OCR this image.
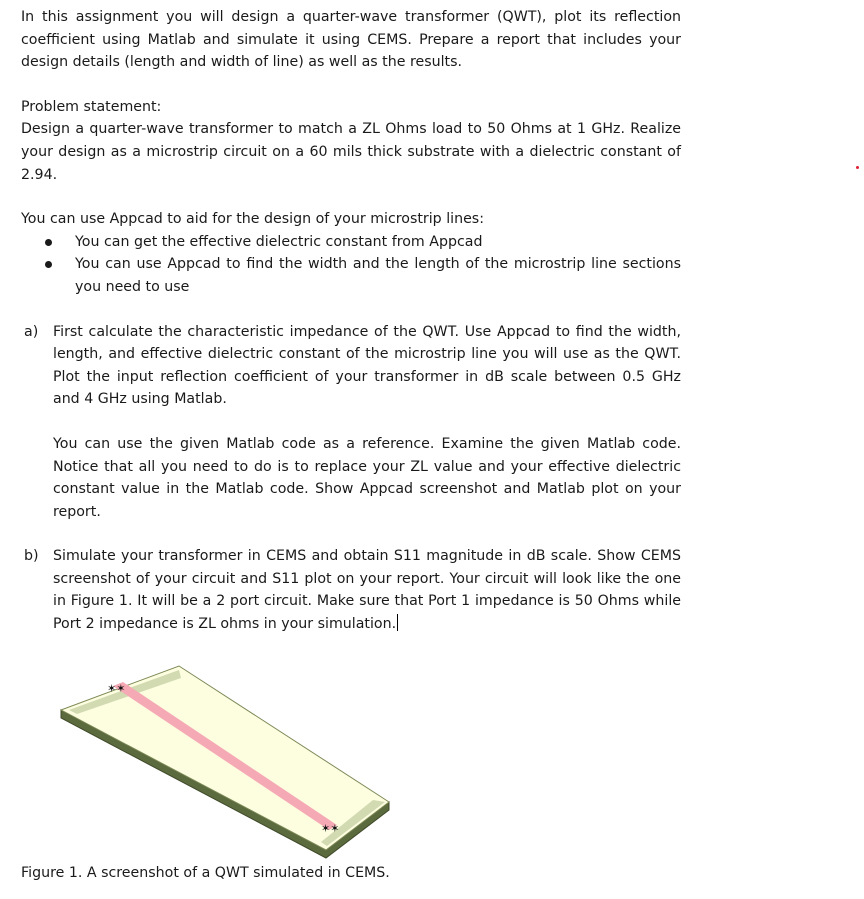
In this assignment you will design a quarter-wave transformer (QWT), plot its reflection coefficient using Matlab and simulate it using CEMS. Prepare a report that includes your design details (length and width of line) as well as the results.

Problem statement:

Design a quarter-wave transformer to match a ZL Ohms load to 50 Ohms at 1 GHz. Realize your design as a microstrip circuit on a 60 mils thick substrate with a dielectric constant of 2.94.

You can use Appcad to aid for the design of your microstrip lines:

You can get the effective dielectric constant from Appcad
You can use Appcad to find the width and the length of the microstrip line sections you need to use
a) First calculate the characteristic impedance of the QWT. Use Appcad to find the width, length, and effective dielectric constant of the microstrip line you will use as the QWT. Plot the input reflection coefficient of your transformer in dB scale between 0.5 GHz and 4 GHz using Matlab.

You can use the given Matlab code as a reference. Examine the given Matlab code. Notice that all you need to do is to replace your ZL value and your effective dielectric constant value in the Matlab code. Show Appcad screenshot and Matlab plot on your report.

b) Simulate your transformer in CEMS and obtain S11 magnitude in dB scale. Show CEMS screenshot of your circuit and S11 plot on your report. Your circuit will look like the one in Figure 1. It will be a 2 port circuit. Make sure that Port 1 impedance is 50 Ohms while Port 2 impedance is ZL ohms in your simulation.

✶✶
✶✶

Figure 1. A screenshot of a QWT simulated in CEMS.
